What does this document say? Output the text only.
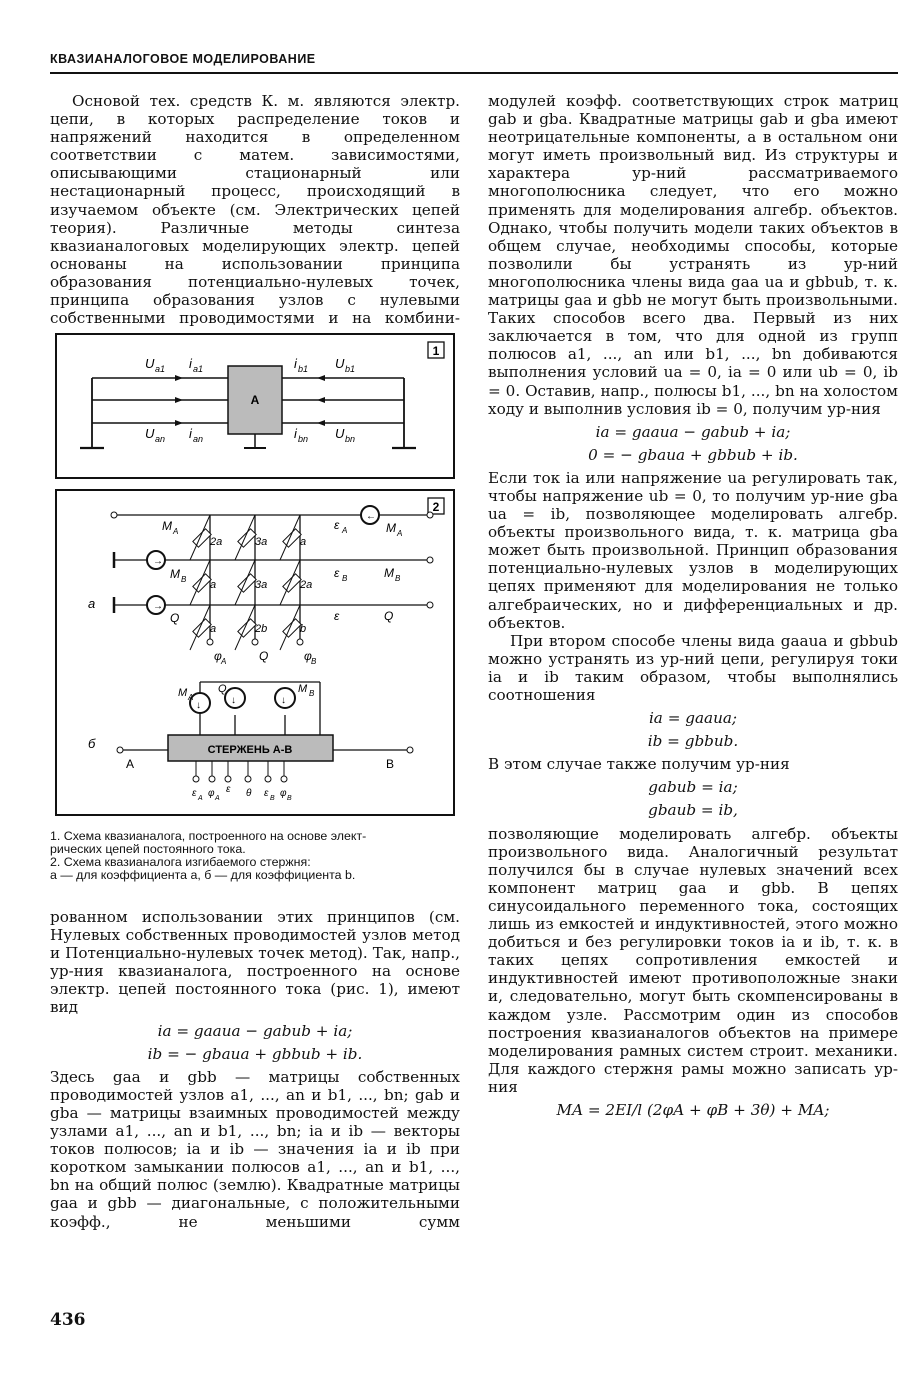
КВАЗИАНАЛОГОВОЕ МОДЕЛИРОВАНИЕ

Основой тех. средств К. м. являются электр. цепи, в которых распределение токов и напряжений находится в определенном соответствии с матем. зависимостями, описывающими стационарный или нестационарный процесс, происходящий в изучаемом объекте (см. Электрических цепей теория). Различные методы синтеза квазианалоговых моделирующих электр. цепей основаны на использовании принципа образования потенциально-нулевых точек, принципа образования узлов с нулевыми собственными проводимостями и на комбини-

1
A
U a1 i a1	i b1 U b1
U an i an	i bn U bn
2
→
→
←
M A
M B
Q
ε A
ε B
ε
M A
M B
Q
φ A	Q	φ B
а
2a	3a	a
a	3a	2a
a	2b	b
↓	↓	↓
M A
Q	M B
СТЕРЖЕНЬ А-В
б
A	B
ε A φ A
ε θ ε B φ B
1. Схема квазианалога, построенного на основе элект-
рических цепей постоянного тока.
2. Схема квазианалога изгибаемого стержня:
а — для коэффициента a, б — для коэффициента b.

рованном использовании этих принципов (см. Нулевых собственных проводимостей узлов метод и Потенциально-нулевых точек метод). Так, напр., ур-ния квазианалога, построенного на основе электр. цепей постоянного тока (рис. 1), имеют вид

ia = gaaua − gabub + ia;
ib = − gbaua + gbbub + ib.

Здесь gaa и gbb — матрицы собственных проводимостей узлов a1, ..., an и b1, ..., bn; gab и gba — матрицы взаимных проводимостей между узлами a1, ..., an и b1, ..., bn; ia и ib — векторы токов полюсов; ia и ib — значения ia и ib при коротком замыкании полюсов a1, ..., an и b1, ..., bn на общий полюс (землю). Квадратные матрицы gaa и gbb — диагональные, с положительными коэфф., не меньшими сумм

436

модулей коэфф. соответствующих строк матриц gab и gba. Квадратные матрицы gab и gba имеют неотрицательные компоненты, а в остальном они могут иметь произвольный вид. Из структуры и характера ур-ний рассматриваемого многополюсника следует, что его можно применять для моделирования алгебр. объектов. Однако, чтобы получить модели таких объектов в общем случае, необходимы способы, которые позволили бы устранять из ур-ний многополюсника члены вида gaa ua и gbbub, т. к. матрицы gaa и gbb не могут быть произвольными. Таких способов всего два. Первый из них заключается в том, что для одной из групп полюсов a1, ..., an или b1, ..., bn добиваются выполнения условий ua = 0, ia = 0 или ub = 0, ib = 0. Оставив, напр., полюсы b1, ..., bn на холостом ходу и выполнив условия ib = 0, получим ур-ния

ia = gaaua − gabub + ia;
0 = − gbaua + gbbub + ib.

Если ток ia или напряжение ua регулировать так, чтобы напряжение ub = 0, то получим ур-ние gba ua = ib, позволяющее моделировать алгебр. объекты произвольного вида, т. к. матрица gba может быть произвольной. Принцип образования потенциально-нулевых узлов в моделирующих цепях применяют для моделирования не только алгебраических, но и дифференциальных и др. объектов.

При втором способе члены вида gaaua и gbbub можно устранять из ур-ний цепи, регулируя токи ia и ib таким образом, чтобы выполнялись соотношения

ia = gaaua;
ib = gbbub.

В этом случае также получим ур-ния

gabub = ia;
gbaub = ib,

позволяющие моделировать алгебр. объекты произвольного вида. Аналогичный результат получился бы в случае нулевых значений всех компонент матриц gaa и gbb. В цепях синусоидального переменного тока, состоящих лишь из емкостей и индуктивностей, этого можно добиться и без регулировки токов ia и ib, т. к. в таких цепях сопротивления емкостей и индуктивностей имеют противоположные знаки и, следовательно, могут быть скомпенсированы в каждом узле. Рассмотрим один из способов построения квазианалогов объектов на примере моделирования рамных систем строит. механики. Для каждого стержня рамы можно записать ур-ния

MA = 2EI/l (2φA + φB + 3θ) + MA;
